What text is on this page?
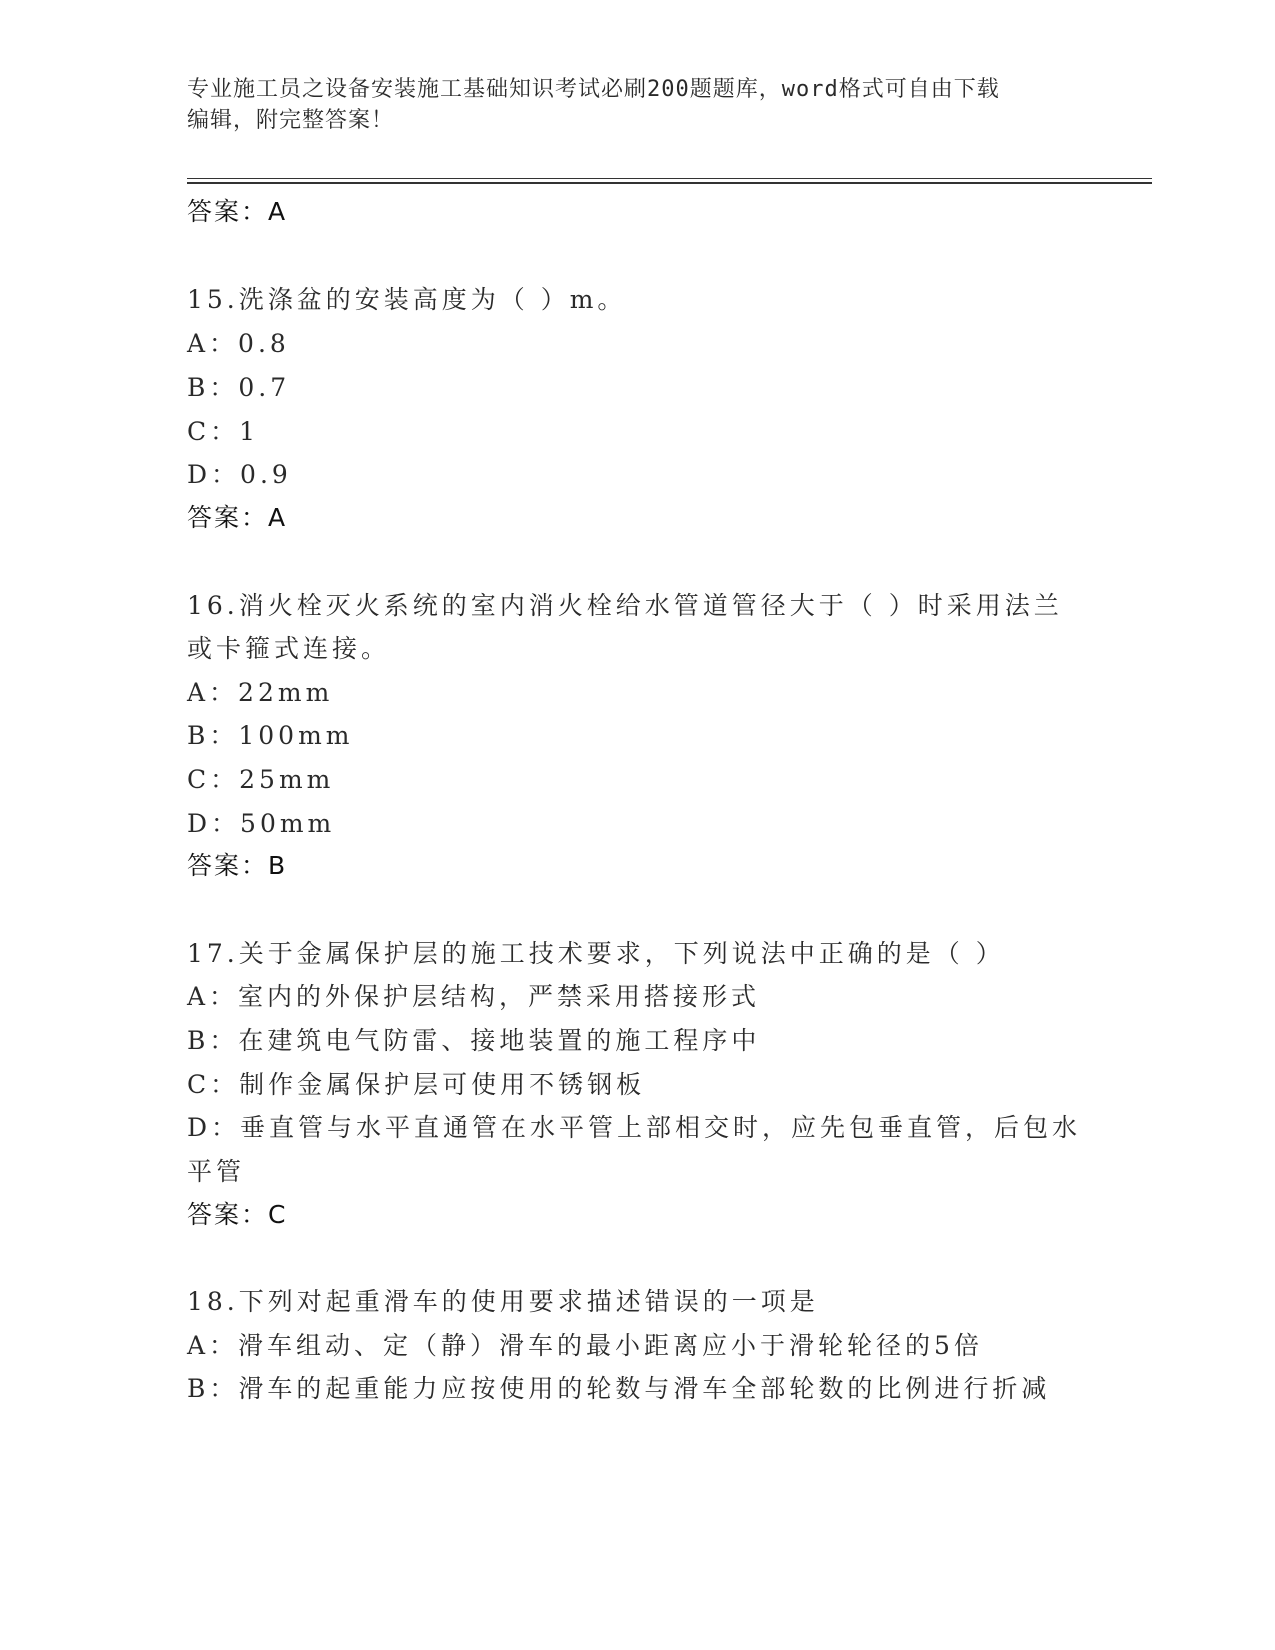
专业施工员之设备安装施工基础知识考试必刷200题题库，word格式可自由下载
编辑，附完整答案！
答案：A
15.洗涤盆的安装高度为（ ）m。
A：0.8
B：0.7
C：1
D：0.9
答案：A
16.消火栓灭火系统的室内消火栓给水管道管径大于（ ）时采用法兰
或卡箍式连接。
A：22mm
B：100mm
C：25mm
D：50mm
答案：B
17.关于金属保护层的施工技术要求，下列说法中正确的是（ ）
A：室内的外保护层结构，严禁采用搭接形式
B：在建筑电气防雷、接地装置的施工程序中
C：制作金属保护层可使用不锈钢板
D：垂直管与水平直通管在水平管上部相交时，应先包垂直管，后包水
平管
答案：C
18.下列对起重滑车的使用要求描述错误的一项是
A：滑车组动、定（静）滑车的最小距离应小于滑轮轮径的5倍
B：滑车的起重能力应按使用的轮数与滑车全部轮数的比例进行折减
